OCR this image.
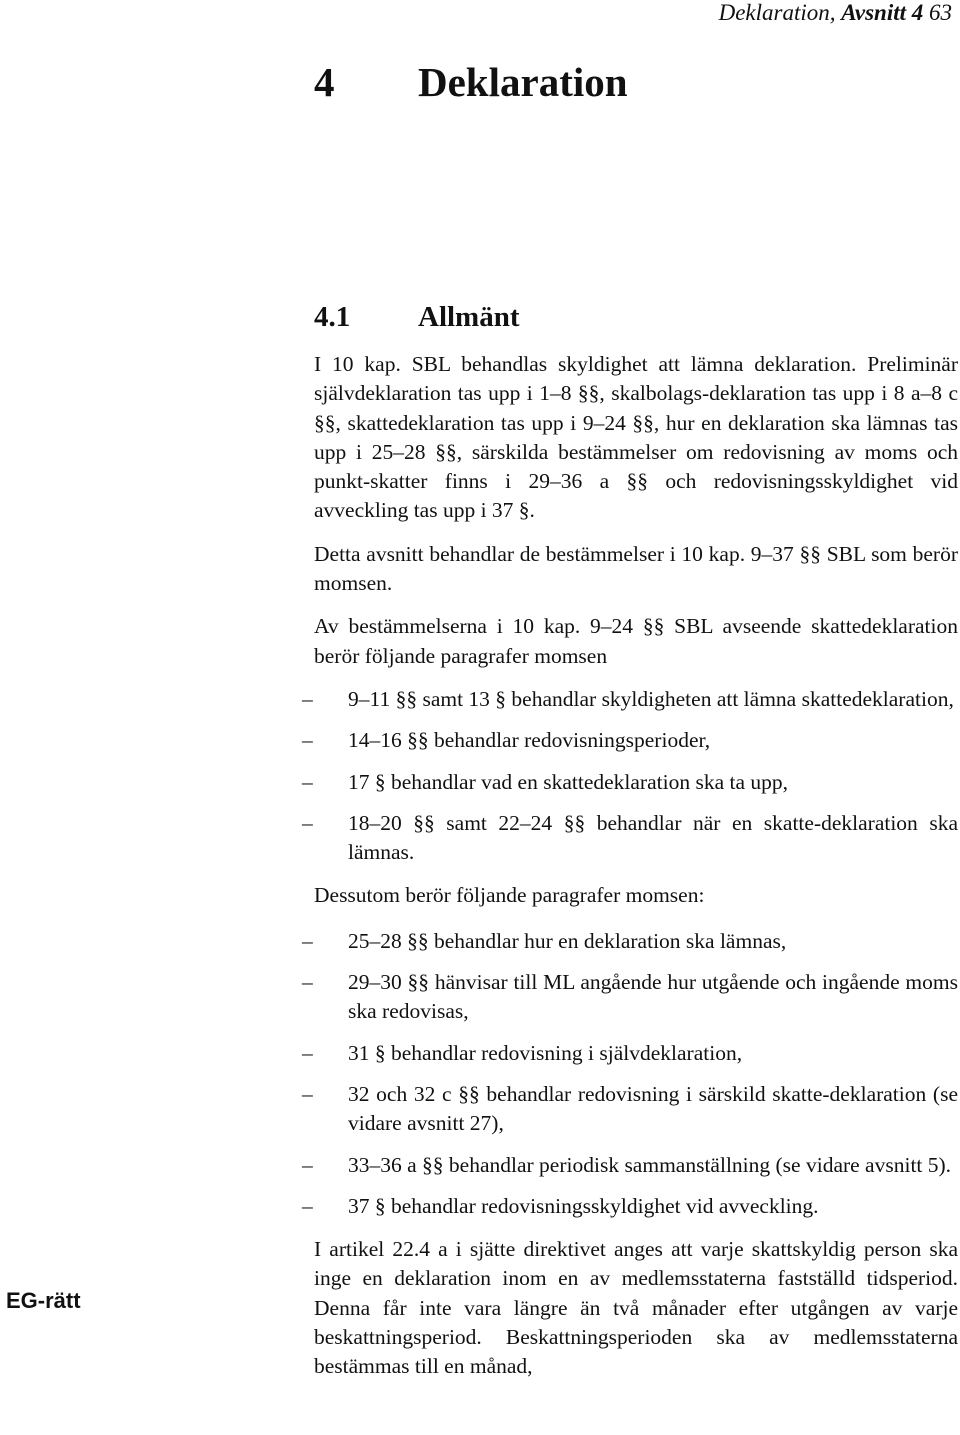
Deklaration, Avsnitt 4 63
4 Deklaration
4.1 Allmänt

I 10 kap. SBL behandlas skyldighet att lämna deklaration. Preliminär självdeklaration tas upp i 1–8 §§, skalbolags-deklaration tas upp i 8 a–8 c §§, skattedeklaration tas upp i 9–24 §§, hur en deklaration ska lämnas tas upp i 25–28 §§, särskilda bestämmelser om redovisning av moms och punkt-skatter finns i 29–36 a §§ och redovisningsskyldighet vid avveckling tas upp i 37 §.

Detta avsnitt behandlar de bestämmelser i 10 kap. 9–37 §§ SBL som berör momsen.

Av bestämmelserna i 10 kap. 9–24 §§ SBL avseende skattedeklaration berör följande paragrafer momsen

–	9–11 §§ samt 13 § behandlar skyldigheten att lämna skattedeklaration,
–	14–16 §§ behandlar redovisningsperioder,
–	17 § behandlar vad en skattedeklaration ska ta upp,
–	18–20 §§ samt 22–24 §§ behandlar när en skatte-deklaration ska lämnas.

Dessutom berör följande paragrafer momsen:

–	25–28 §§ behandlar hur en deklaration ska lämnas,
–	29–30 §§ hänvisar till ML angående hur utgående och ingående moms ska redovisas,
–	31 § behandlar redovisning i självdeklaration,
–	32 och 32 c §§ behandlar redovisning i särskild skatte-deklaration (se vidare avsnitt 27),
–	33–36 a §§ behandlar periodisk sammanställning (se vidare avsnitt 5).
–	37 § behandlar redovisningsskyldighet vid avveckling.

I artikel 22.4 a i sjätte direktivet anges att varje skattskyldig person ska inge en deklaration inom en av medlemsstaterna fastställd tidsperiod. Denna får inte vara längre än två månader efter utgången av varje beskattningsperiod. Beskattningsperioden ska av medlemsstaterna bestämmas till en månad,

EG-rätt
